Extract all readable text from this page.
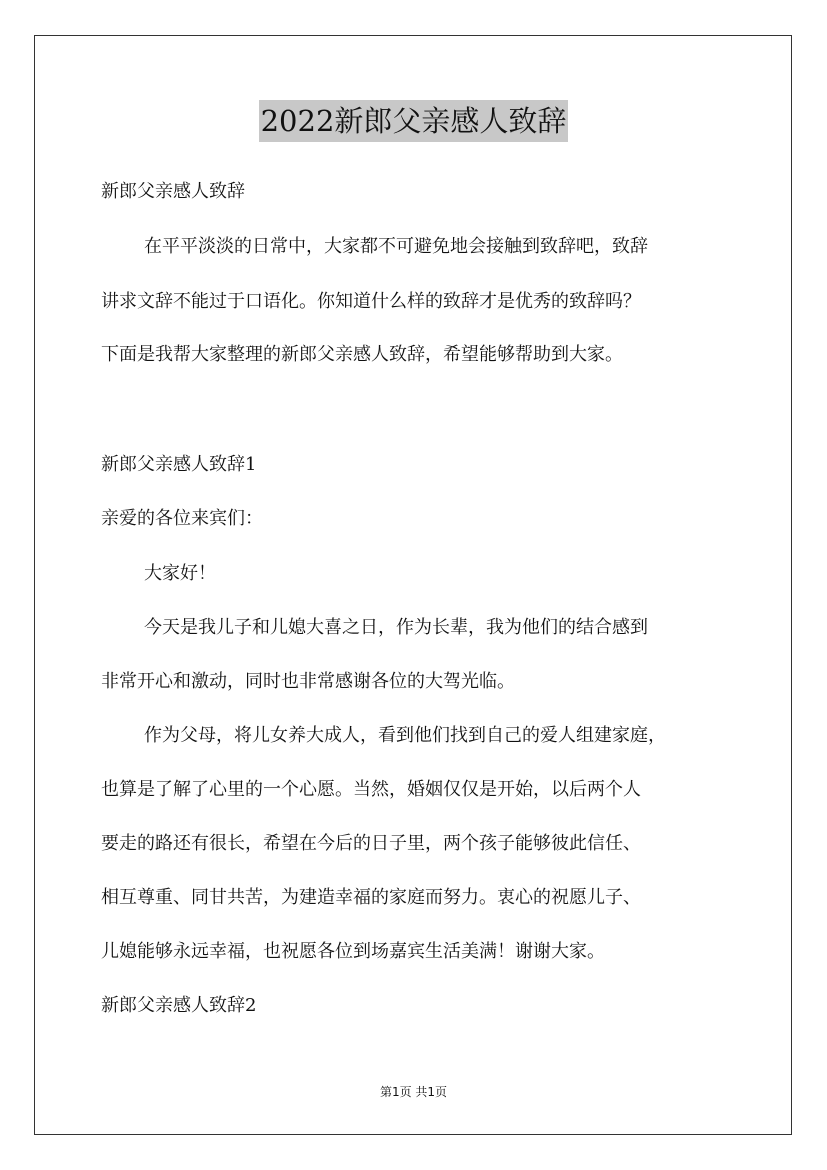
2022新郎父亲感人致辞

新郎父亲感人致辞

在平平淡淡的日常中，大家都不可避免地会接触到致辞吧，致辞

讲求文辞不能过于口语化。你知道什么样的致辞才是优秀的致辞吗？

下面是我帮大家整理的新郎父亲感人致辞，希望能够帮助到大家。

新郎父亲感人致辞1

亲爱的各位来宾们：

大家好！

今天是我儿子和儿媳大喜之日，作为长辈，我为他们的结合感到

非常开心和激动，同时也非常感谢各位的大驾光临。

作为父母，将儿女养大成人，看到他们找到自己的爱人组建家庭，

也算是了解了心里的一个心愿。当然，婚姻仅仅是开始，以后两个人

要走的路还有很长，希望在今后的日子里，两个孩子能够彼此信任、

相互尊重、同甘共苦，为建造幸福的家庭而努力。衷心的祝愿儿子、

儿媳能够永远幸福，也祝愿各位到场嘉宾生活美满！谢谢大家。

新郎父亲感人致辞2

第1页 共1页
